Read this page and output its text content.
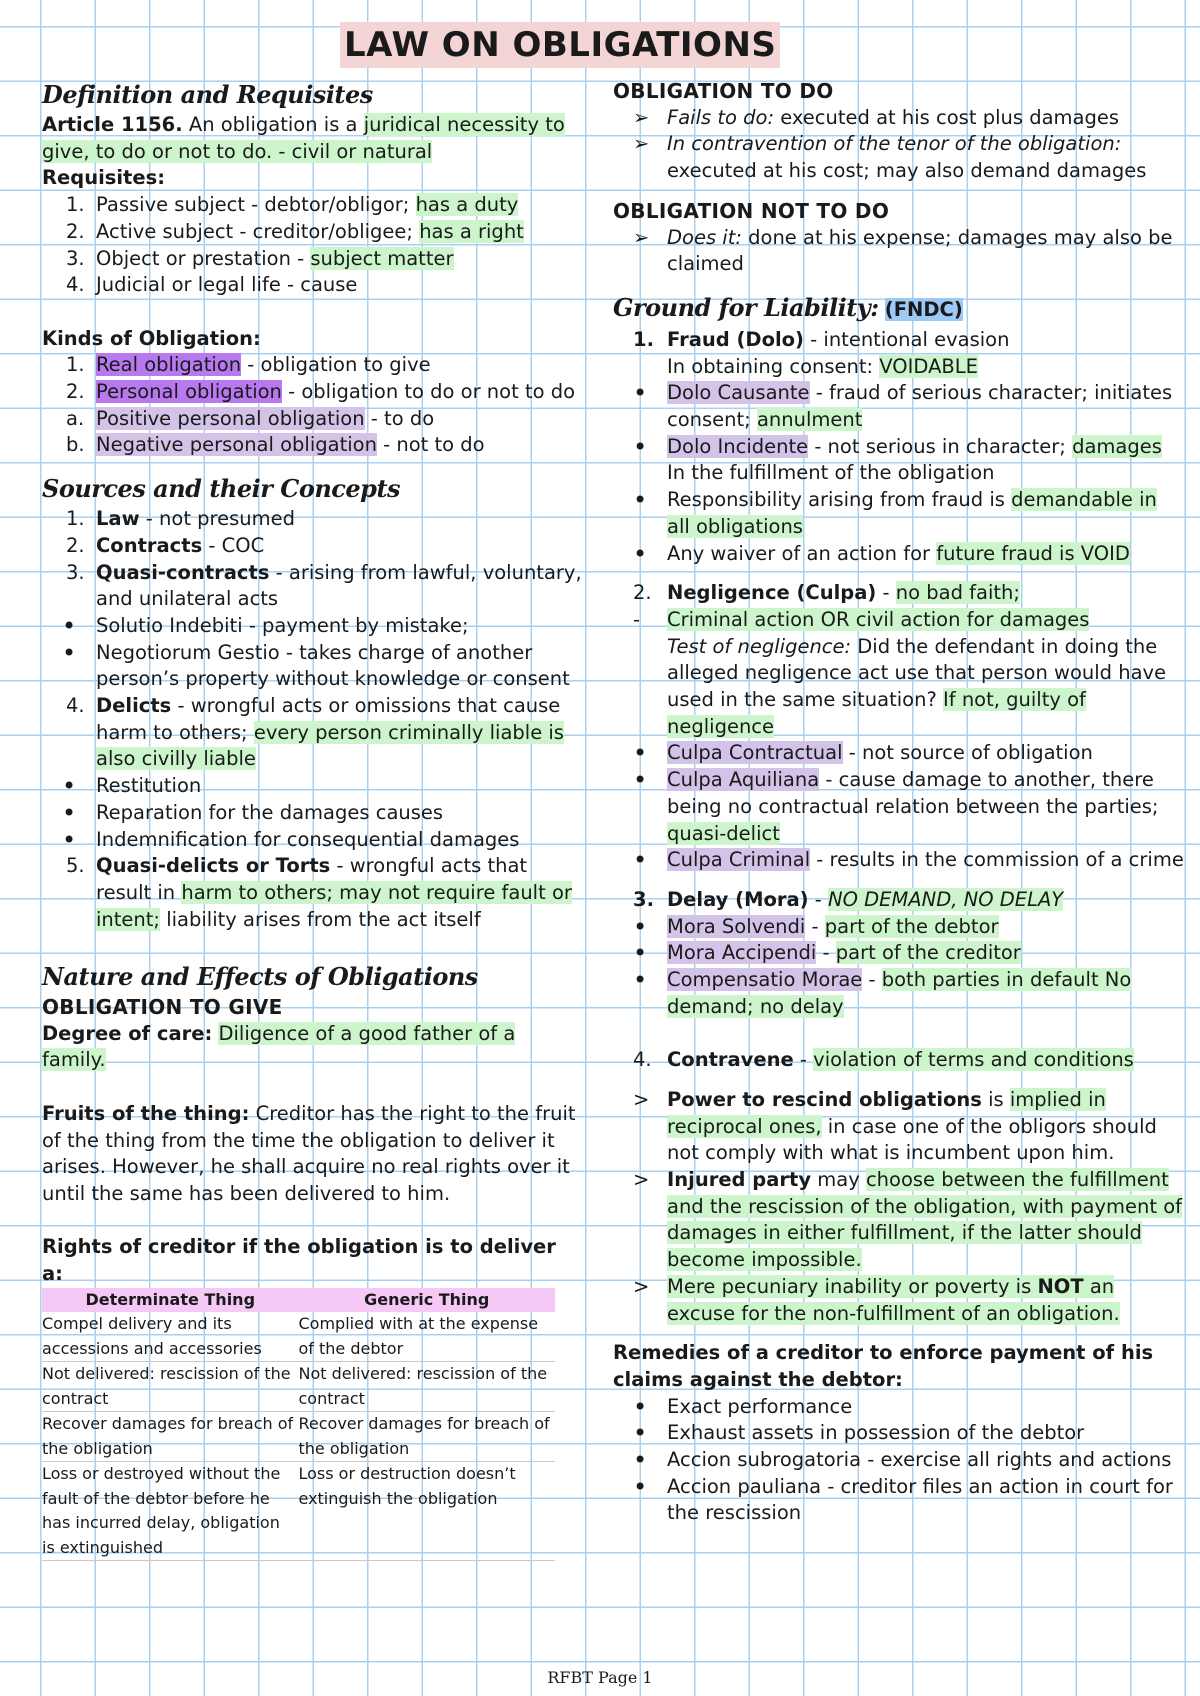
LAW ON OBLIGATIONS
Definition and Requisites
Article 1156. An obligation is a juridical necessity to give, to do or not to do. - civil or natural
Requisites:
1. Passive subject - debtor/obligor; has a duty
2. Active subject - creditor/obligee; has a right
3. Object or prestation - subject matter
4. Judicial or legal life - cause
Kinds of Obligation:
1. Real obligation - obligation to give
2. Personal obligation - obligation to do or not to do
a. Positive personal obligation - to do
b. Negative personal obligation - not to do
Sources and their Concepts
1. Law - not presumed
2. Contracts - COC
3. Quasi-contracts - arising from lawful, voluntary, and unilateral acts
•
Solutio Indebiti - payment by mistake;
•
Negotiorum Gestio - takes charge of another person’s property without knowledge or consent
4. Delicts - wrongful acts or omissions that cause harm to others; every person criminally liable is also civilly liable
•
Restitution
•
Reparation for the damages causes
•
Indemnification for consequential damages
5. Quasi-delicts or Torts - wrongful acts that result in harm to others; may not require fault or intent; liability arises from the act itself
Nature and Effects of Obligations
OBLIGATION TO GIVE
Degree of care: Diligence of a good father of a family.
Fruits of the thing: Creditor has the right to the fruit of the thing from the time the obligation to deliver it arises. However, he shall acquire no real rights over it until the same has been delivered to him.
Rights of creditor if the obligation is to deliver a:
Determinate Thing	Generic Thing
Compel delivery and its accessions and accessories	Complied with at the expense of the debtor
Not delivered: rescission of the contract	Not delivered: rescission of the contract
Recover damages for breach of the obligation	Recover damages for breach of the obligation
Loss or destroyed without the fault of the debtor before he has incurred delay, obligation is extinguished	Loss or destruction doesn’t extinguish the obligation
OBLIGATION TO DO
➢
Fails to do: executed at his cost plus damages
➢
In contravention of the tenor of the obligation: executed at his cost; may also demand damages
OBLIGATION NOT TO DO
➢
Does it: done at his expense; damages may also be claimed
Ground for Liability: (FNDC)
1. Fraud (Dolo) - intentional evasion
In obtaining consent: VOIDABLE
•
Dolo Causante - fraud of serious character; initiates consent; annulment
•
Dolo Incidente - not serious in character; damages In the fulfillment of the obligation
•
Responsibility arising from fraud is demandable in all obligations
•
Any waiver of an action for future fraud is VOID
2. Negligence (Culpa) - no bad faith;
-
Criminal action OR civil action for damages
Test of negligence: Did the defendant in doing the alleged negligence act use that person would have used in the same situation? If not, guilty of negligence
•
Culpa Contractual - not source of obligation
•
Culpa Aquiliana - cause damage to another, there being no contractual relation between the parties; quasi-delict
•
Culpa Criminal - results in the commission of a crime
3. Delay (Mora) - NO DEMAND, NO DELAY
•
Mora Solvendi - part of the debtor
•
Mora Accipendi - part of the creditor
•
Compensatio Morae - both parties in default No demand; no delay
4. Contravene - violation of terms and conditions
>
Power to rescind obligations is implied in reciprocal ones, in case one of the obligors should not comply with what is incumbent upon him.
>
Injured party may choose between the fulfillment and the rescission of the obligation, with payment of damages in either fulfillment, if the latter should become impossible.
>
Mere pecuniary inability or poverty is NOT an excuse for the non-fulfillment of an obligation.
Remedies of a creditor to enforce payment of his claims against the debtor:
•
Exact performance
•
Exhaust assets in possession of the debtor
•
Accion subrogatoria - exercise all rights and actions
•
Accion pauliana - creditor files an action in court for the rescission
RFBT Page 1
